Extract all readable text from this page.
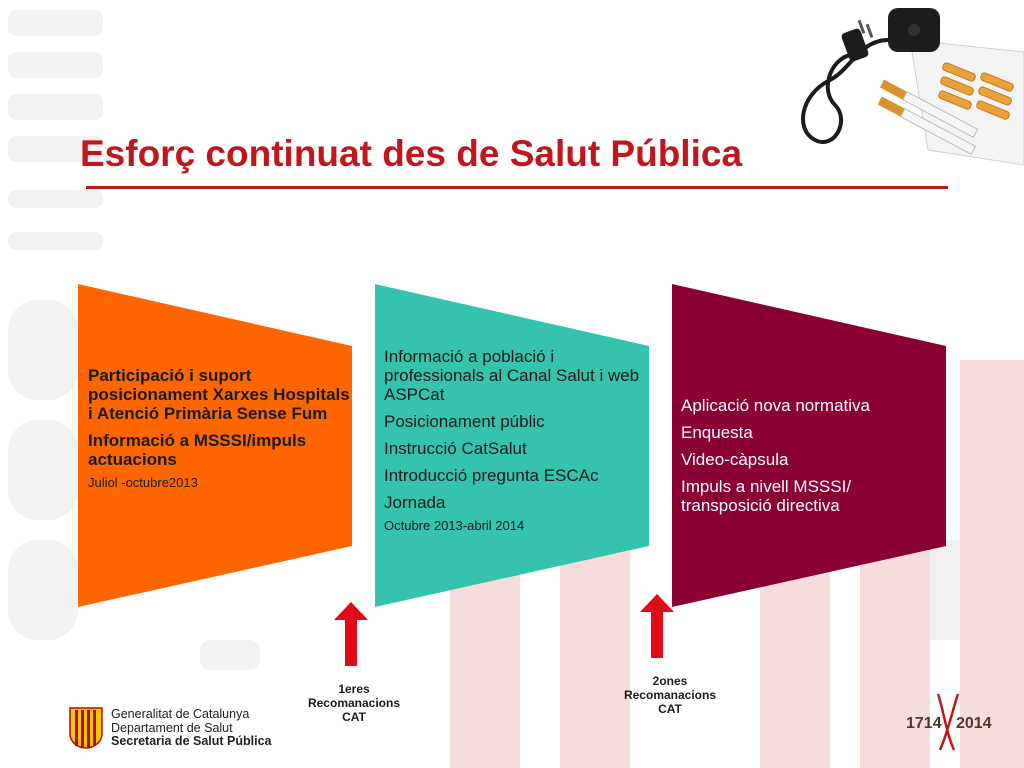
Esforç continuat des de Salut Pública
Participació i suport posicionament Xarxes Hospitals i Atenció Primària Sense Fum
Informació a MSSSI/impuls actuacions
Juliol -octubre2013
Informació a població i professionals al Canal Salut i web ASPCat
Posicionament públic
Instrucció CatSalut
Introducció pregunta ESCAc
Jornada
Octubre 2013-abril 2014
Aplicació nova normativa
Enquesta
Video-càpsula
Impuls a nivell MSSSI/ transposició directiva
1eres
Recomanacions
CAT
2ones
Recomanacions
CAT
Generalitat de Catalunya
Departament de Salut
Secretaria de Salut Pública
1714 2014
